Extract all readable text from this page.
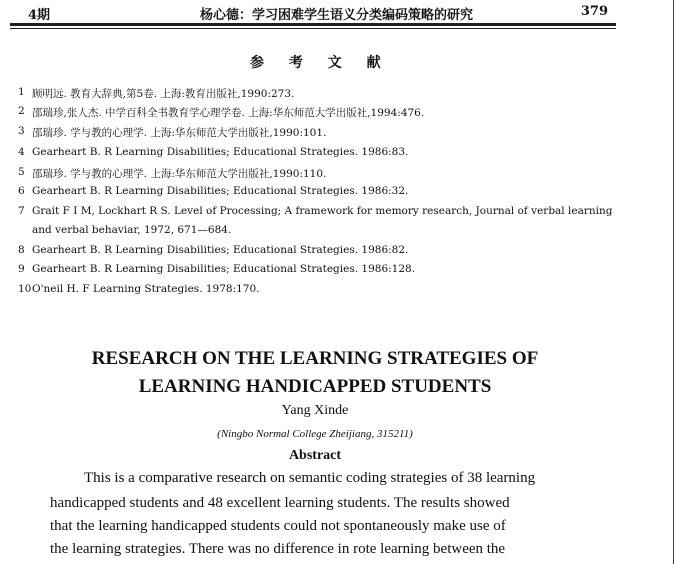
4期	杨心德：学习困难学生语义分类编码策略的研究	379
参 考 文 献
1 顾明远. 教育大辞典,第5卷. 上海:教育出版社,1990:273.
2 邵瑞珍,张人杰. 中学百科全书教育学心理学卷. 上海:华东师范大学出版社,1994:476.
3 邵瑞珍. 学与教的心理学. 上海:华东师范大学出版社,1990:101.
4 Gearheart B. R Learning Disabilities; Educational Strategies. 1986:83.
5 邵瑞珍. 学与教的心理学. 上海:华东师范大学出版社,1990:110.
6 Gearheart B. R Learning Disabilities; Educational Strategies. 1986:32.
7 Grait F I M, Lockhart R S. Level of Processing; A framework for memory research, Journal of verbal learning
and verbal behaviar, 1972, 671—684.
8 Gearheart B. R Learning Disabilities; Educational Strategies. 1986:82.
9 Gearheart B. R Learning Disabilities; Educational Strategies. 1986:128.
10 O'neil H. F Learning Strategies. 1978:170.
RESEARCH ON THE LEARNING STRATEGIES OF
LEARNING HANDICAPPED STUDENTS
Yang Xinde
(Ningbo Normal College Zheijiang, 315211)
Abstract
This is a comparative research on semantic coding strategies of 38 learning
handicapped students and 48 excellent learning students. The results showed
that the learning handicapped students could not spontaneously make use of
the learning strategies. There was no difference in rote learning between the
